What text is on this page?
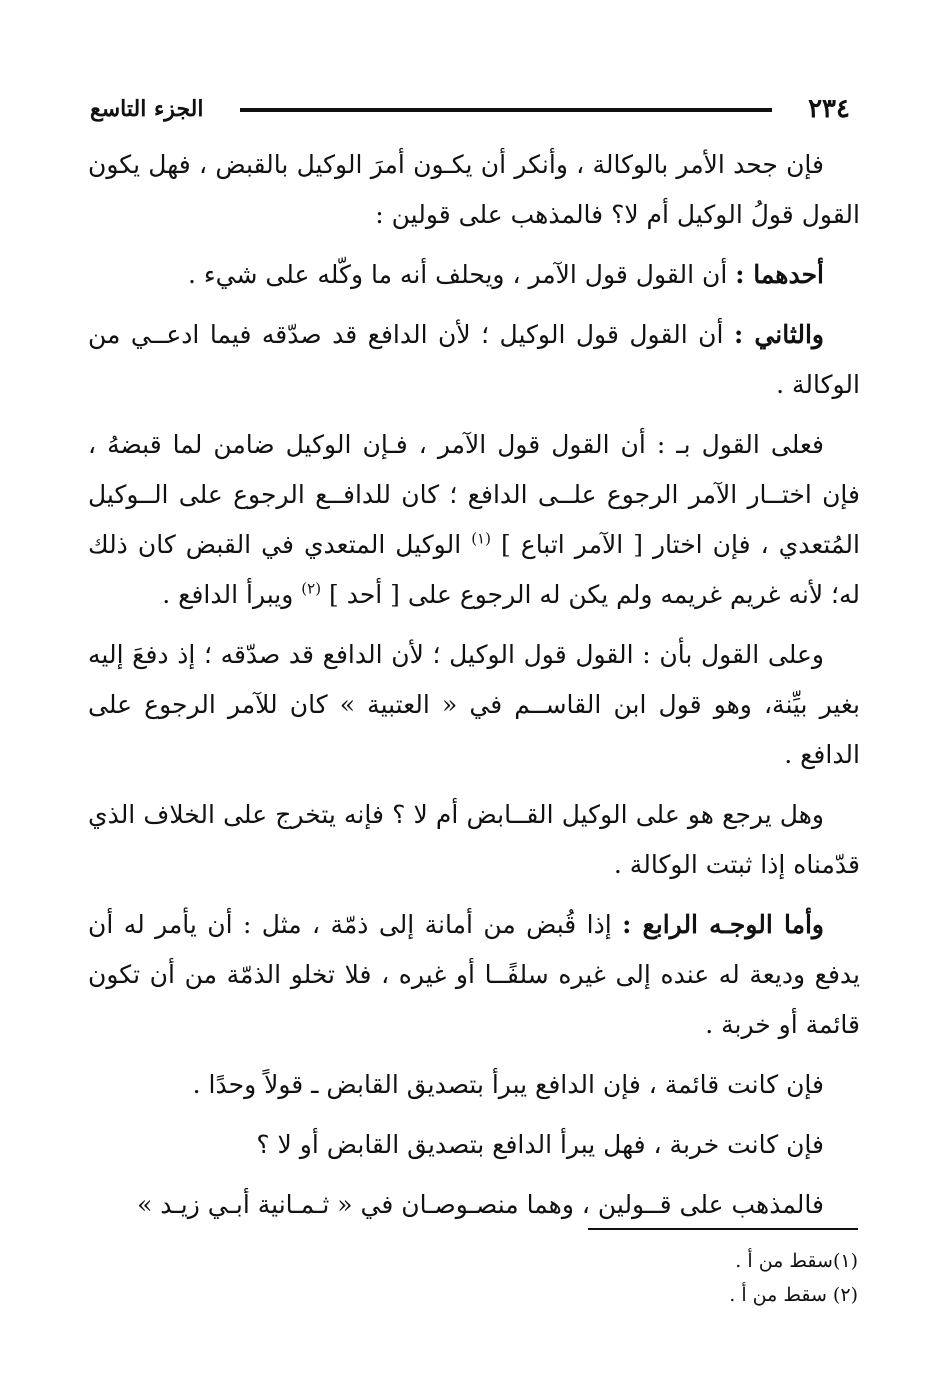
٢٣٤
الجزء التاسع

فإن جحد الأمر بالوكالة ، وأنكر أن يكـون أمرَ الوكيل بالقبض ، فهل يكون القول قولُ الوكيل أم لا؟ فالمذهب على قولين :

أحدهما : أن القول قول الآمر ، ويحلف أنه ما وكّله على شيء .

والثاني : أن القول قول الوكيل ؛ لأن الدافع قد صدّقه فيما ادعــي من الوكالة .

فعلى القول بـ : أن القول قول الآمر ، فـإن الوكيل ضامن لما قبضهُ ، فإن اختــار الآمر الرجوع علــى الدافع ؛ كان للدافــع الرجوع على الــوكيل المُتعدي ، فإن اختار [ الآمر اتباع ] $^{(١)}$ الوكيل المتعدي في القبض كان ذلك له؛ لأنه غريم غريمه ولم يكن له الرجوع على [ أحد ] $^{(٢)}$ ويبرأ الدافع .

وعلى القول بأن : القول قول الوكيل ؛ لأن الدافع قد صدّقه ؛ إذ دفعَ إليه بغير بيِّنة، وهو قول ابن القاســم في « العتبية » كان للآمر الرجوع على الدافع .

وهل يرجع هو على الوكيل القــابض أم لا ؟ فإنه يتخرج على الخلاف الذي قدّمناه إذا ثبتت الوكالة .

وأما الوجـه الرابع : إذا قُبض من أمانة إلى ذمّة ، مثل : أن يأمر له أن يدفع وديعة له عنده إلى غيره سلفًــا أو غيره ، فلا تخلو الذمّة من أن تكون قائمة أو خربة .

فإن كانت قائمة ، فإن الدافع يبرأ بتصديق القابض ـ قولاً وحدًا .

فإن كانت خربة ، فهل يبرأ الدافع بتصديق القابض أو لا ؟

فالمذهب على قــولين ، وهما منصـوصـان في « ثـمـانية أبـي زيـد »

(١)سقط من أ .

(٢) سقط من أ .
